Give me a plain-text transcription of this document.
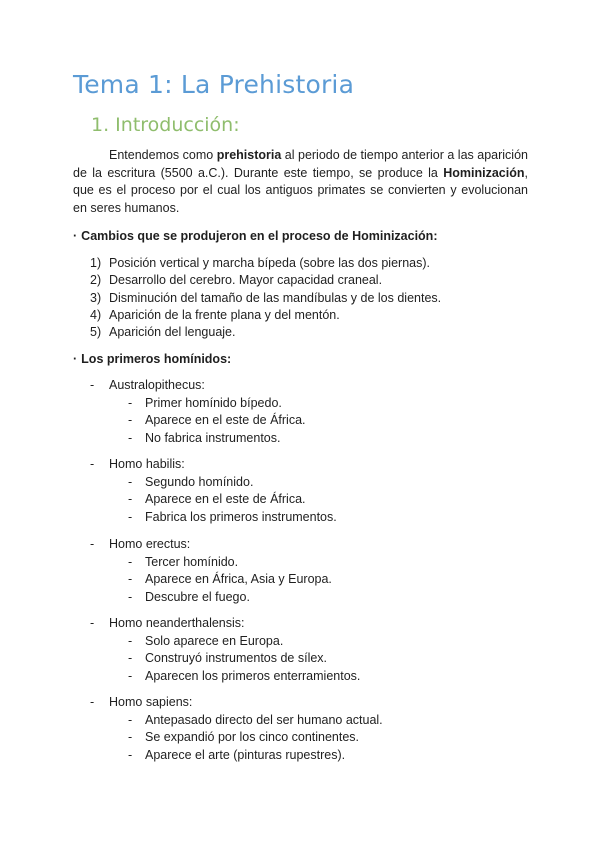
Tema 1: La Prehistoria
1. Introducción:

Entendemos como prehistoria al periodo de tiempo anterior a las aparición de la escritura (5500 a.C.). Durante este tiempo, se produce la Hominización, que es el proceso por el cual los antiguos primates se convierten y evolucionan en seres humanos.

· Cambios que se produjeron en el proceso de Hominización:

1) Posición vertical y marcha bípeda (sobre las dos piernas).
2) Desarrollo del cerebro. Mayor capacidad craneal.
3) Disminución del tamaño de las mandíbulas y de los dientes.
4) Aparición de la frente plana y del mentón.
5) Aparición del lenguaje.

· Los primeros homínidos:

- Australopithecus:
- Primer homínido bípedo.
- Aparece en el este de África.
- No fabrica instrumentos.
- Homo habilis:
- Segundo homínido.
- Aparece en el este de África.
- Fabrica los primeros instrumentos.
- Homo erectus:
- Tercer homínido.
- Aparece en África, Asia y Europa.
- Descubre el fuego.
- Homo neanderthalensis:
- Solo aparece en Europa.
- Construyó instrumentos de sílex.
- Aparecen los primeros enterramientos.
- Homo sapiens:
- Antepasado directo del ser humano actual.
- Se expandió por los cinco continentes.
- Aparece el arte (pinturas rupestres).
